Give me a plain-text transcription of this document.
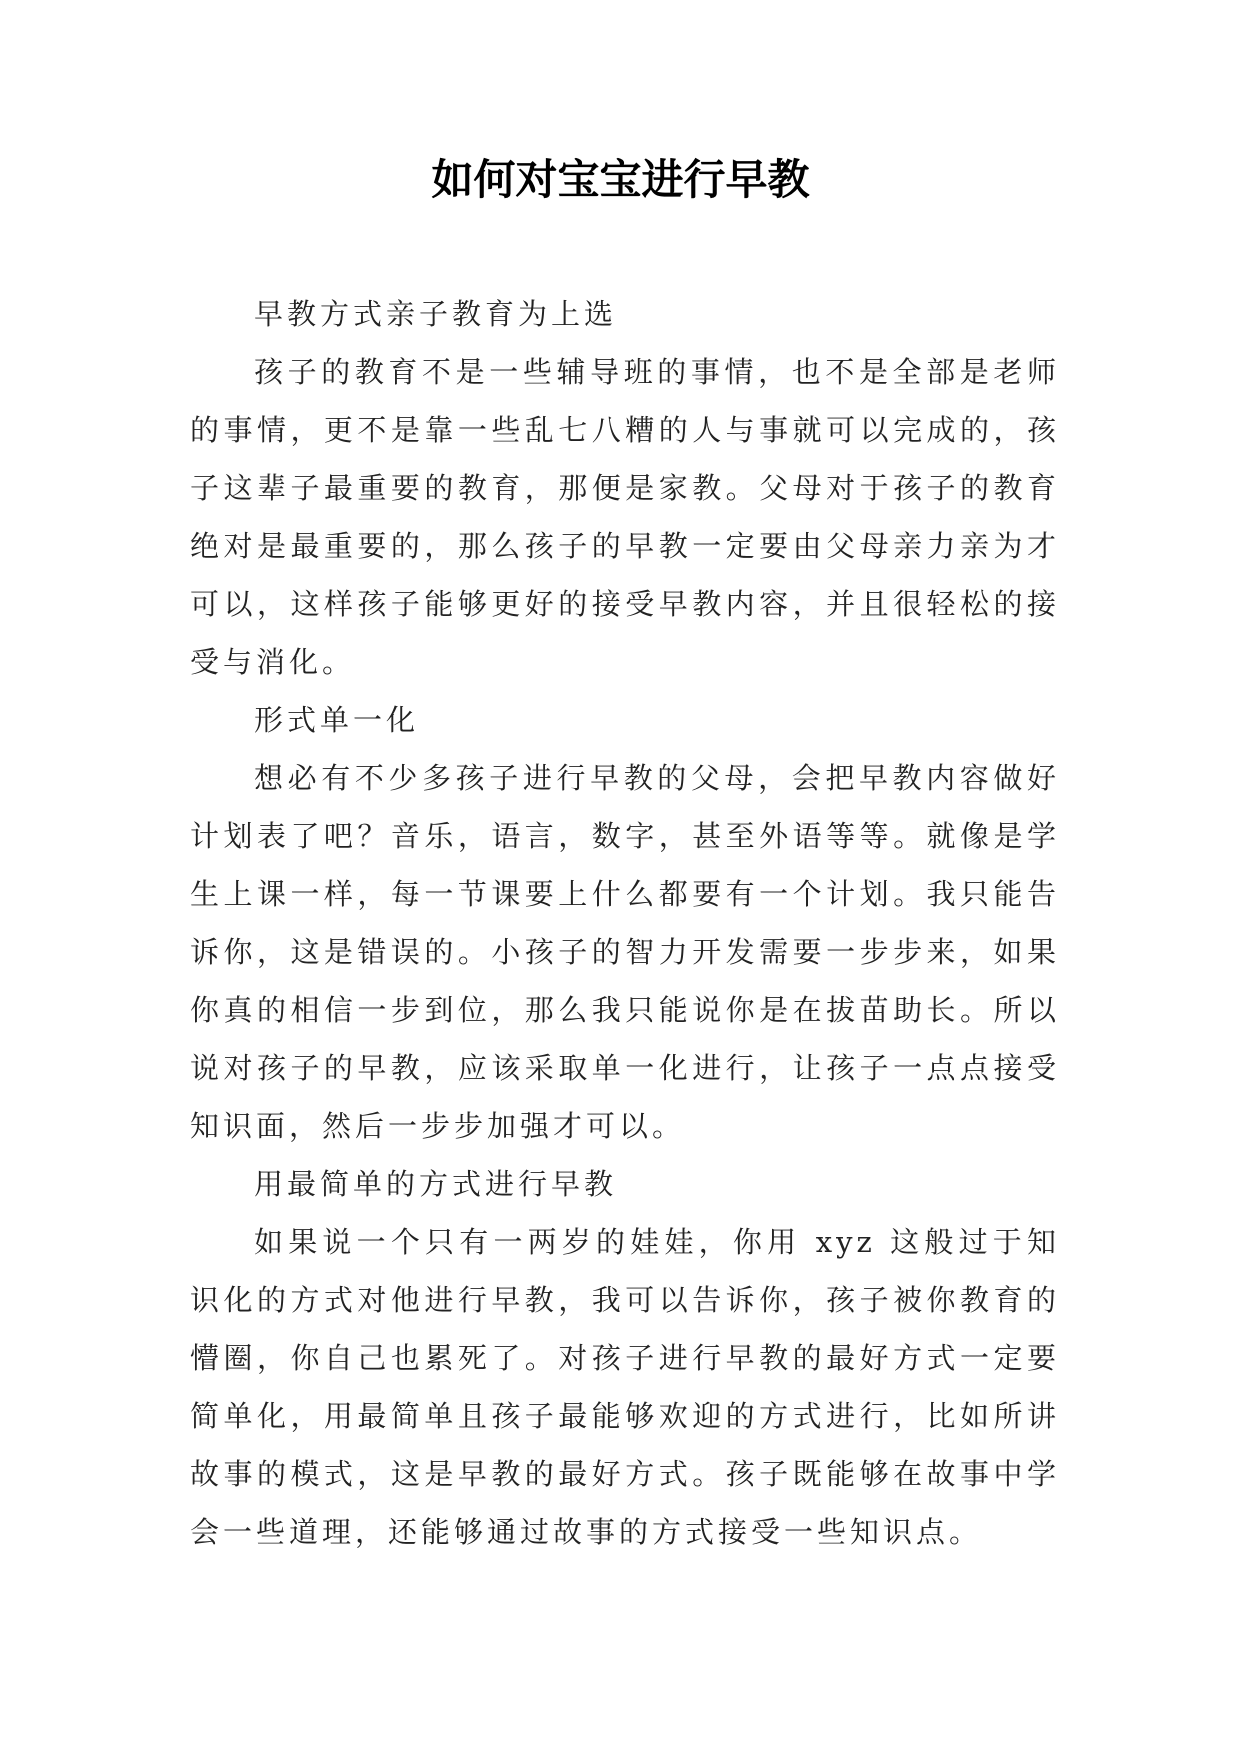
如何对宝宝进行早教

早教方式亲子教育为上选

孩子的教育不是一些辅导班的事情，也不是全部是老师的事情，更不是靠一些乱七八糟的人与事就可以完成的，孩子这辈子最重要的教育，那便是家教。父母对于孩子的教育绝对是最重要的，那么孩子的早教一定要由父母亲力亲为才可以，这样孩子能够更好的接受早教内容，并且很轻松的接受与消化。

形式单一化

想必有不少多孩子进行早教的父母，会把早教内容做好计划表了吧？音乐，语言，数字，甚至外语等等。就像是学生上课一样，每一节课要上什么都要有一个计划。我只能告诉你，这是错误的。小孩子的智力开发需要一步步来，如果你真的相信一步到位，那么我只能说你是在拔苗助长。所以说对孩子的早教，应该采取单一化进行，让孩子一点点接受知识面，然后一步步加强才可以。

用最简单的方式进行早教

如果说一个只有一两岁的娃娃，你用 xyz 这般过于知识化的方式对他进行早教，我可以告诉你，孩子被你教育的懵圈，你自己也累死了。对孩子进行早教的最好方式一定要简单化，用最简单且孩子最能够欢迎的方式进行，比如所讲故事的模式，这是早教的最好方式。孩子既能够在故事中学会一些道理，还能够通过故事的方式接受一些知识点。
